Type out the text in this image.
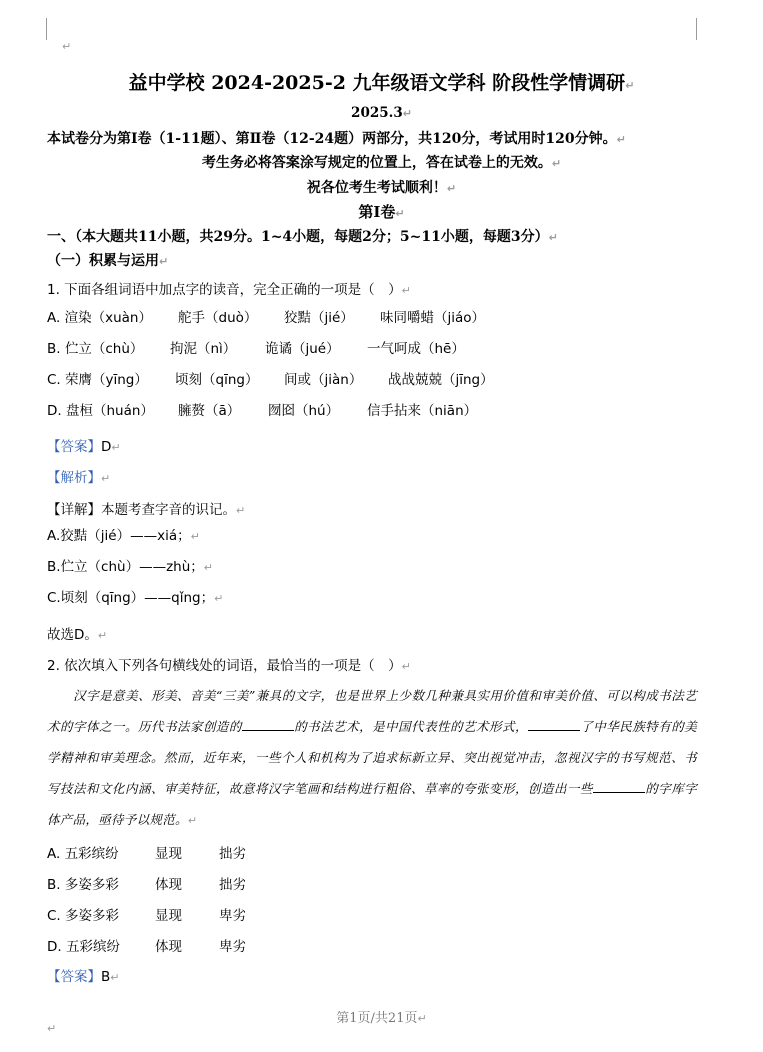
↵
益中学校 2024-2025-2 九年级语文学科 阶段性学情调研↵
2025.3↵
本试卷分为第Ⅰ卷（1-11题）、第Ⅱ卷（12-24题）两部分，共120分，考试用时120分钟。↵
考生务必将答案涂写规定的位置上，答在试卷上的无效。↵
祝各位考生考试顺利！↵
第Ⅰ卷↵
一、（本大题共11小题，共29分。1~4小题，每题2分；5~11小题，每题3分）↵
（一）积累与运用↵
1. 下面各组词语中加点字的读音，完全正确的一项是（　）↵
A. 渲染（xuàn） 舵手（duò） 狡黠（jié） 味同嚼蜡（jiáo）
B. 伫立（chù） 拘泥（nì） 诡谲（jué） 一气呵成（hē）
C. 荣膺（yīng） 顷刻（qīng） 间或（jiàn） 战战兢兢（jīng）
D. 盘桓（huán） 臃赘（ā） 囫囵（hú） 信手拈来（niān）
【答案】D↵
【解析】↵
【详解】本题考查字音的识记。↵
A.狡黠（jié）——xiá；↵
B.伫立（chù）——zhù；↵
C.顷刻（qīng）——qǐng；↵
故选D。↵
2. 依次填入下列各句横线处的词语，最恰当的一项是（　）↵
汉字是意美、形美、音美“三美”兼具的文字，也是世界上少数几种兼具实用价值和审美价值、可以构成书法艺术的字体之一。历代书法家创造的	的书法艺术，是中国代表性的艺术形式，	了中华民族特有的美学精神和审美理念。然而，近年来，一些个人和机构为了追求标新立异、突出视觉冲击，忽视汉字的书写规范、书写技法和文化内涵、审美特征，故意将汉字笔画和结构进行粗俗、草率的夸张变形，创造出一些	的字库字体产品，亟待予以规范。↵
A. 五彩缤纷	显现	拙劣
B. 多姿多彩	体现	拙劣
C. 多姿多彩	显现	卑劣
D. 五彩缤纷	体现	卑劣
【答案】B↵
第1页/共21页↵
↵
